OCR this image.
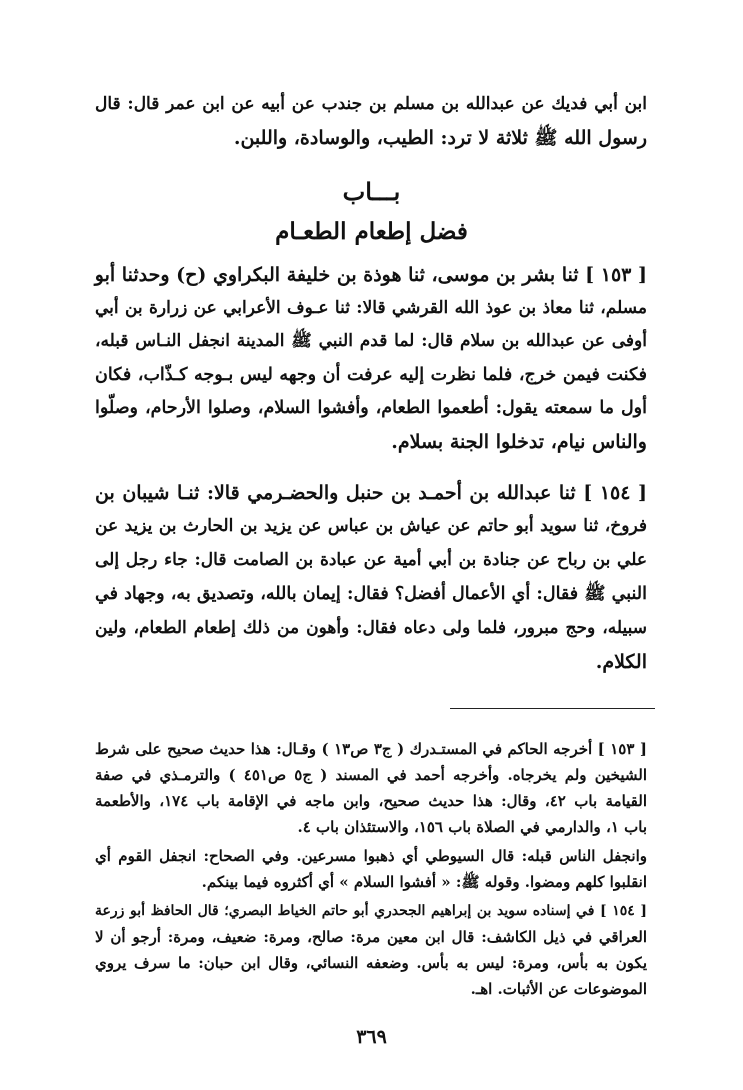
ابن أبي فديك عن عبدالله بن مسلم بن جندب عن أبيه عن ابن عمر قال: قال
رسول الله ﷺ ثلاثة لا ترد: الطيب، والوسادة، واللبن.
بـــاب
فضل إطعام الطعـام
[ ١٥٣ ] ثنا بشر بن موسى، ثنا هوذة بن خليفة البكراوي (ح) وحدثنا أبو
مسلم، ثنا معاذ بن عوذ الله القرشي قالا: ثنا عـوف الأعرابي عن زرارة بن أبي
أوفى عن عبدالله بن سلام قال: لما قدم النبي ﷺ المدينة انجفل النـاس قبله،
فكنت فيمن خرج، فلما نظرت إليه عرفت أن وجهه ليس بـوجه كـذّاب، فكان
أول ما سمعته يقول: أطعموا الطعام، وأفشوا السلام، وصلوا الأرحام، وصلّوا
والناس نيام، تدخلوا الجنة بسلام.
[ ١٥٤ ] ثنا عبدالله بن أحمـد بن حنبل والحضـرمي قالا: ثنـا شيبان بن
فروخ، ثنا سويد أبو حاتم عن عياش بن عباس عن يزيد بن الحارث بن يزيد عن
علي بن رباح عن جنادة بن أبي أمية عن عبادة بن الصامت قال: جاء رجل إلى
النبي ﷺ فقال: أي الأعمال أفضل؟ فقال: إيمان بالله، وتصديق به، وجهاد في
سبيله، وحج مبرور، فلما ولى دعاه فقال: وأهون من ذلك إطعام الطعام، ولين
الكلام.
[ ١٥٣ ] أخرجه الحاكم في المستـدرك ( ج٣ ص١٣ ) وقـال: هذا حديث صحيح على شرط
الشيخين ولم يخرجاه. وأخرجه أحمد في المسند ( ج٥ ص٤٥١ ) والترمـذي في صفة
القيامة باب ٤٢، وقال: هذا حديث صحيح، وابن ماجه في الإقامة باب ١٧٤، والأطعمة
باب ١، والدارمي في الصلاة باب ١٥٦، والاستئذان باب ٤.
وانجفل الناس قبله: قال السيوطي أي ذهبوا مسرعين. وفي الصحاح: انجفل القوم أي
انقلبوا كلهم ومضوا. وقوله ﷺ: « أفشوا السلام » أي أكثروه فيما بينكم.
[ ١٥٤ ] في إسناده سويد بن إبراهيم الجحدري أبو حاتم الخياط البصري؛ قال الحافظ أبو زرعة
العراقي في ذيل الكاشف: قال ابن معين مرة: صالح، ومرة: ضعيف، ومرة: أرجو أن لا
يكون به بأس، ومرة: ليس به بأس. وضعفه النسائي، وقال ابن حبان: ما سرف يروي
الموضوعات عن الأثبات. اهـ.
٣٦٩
